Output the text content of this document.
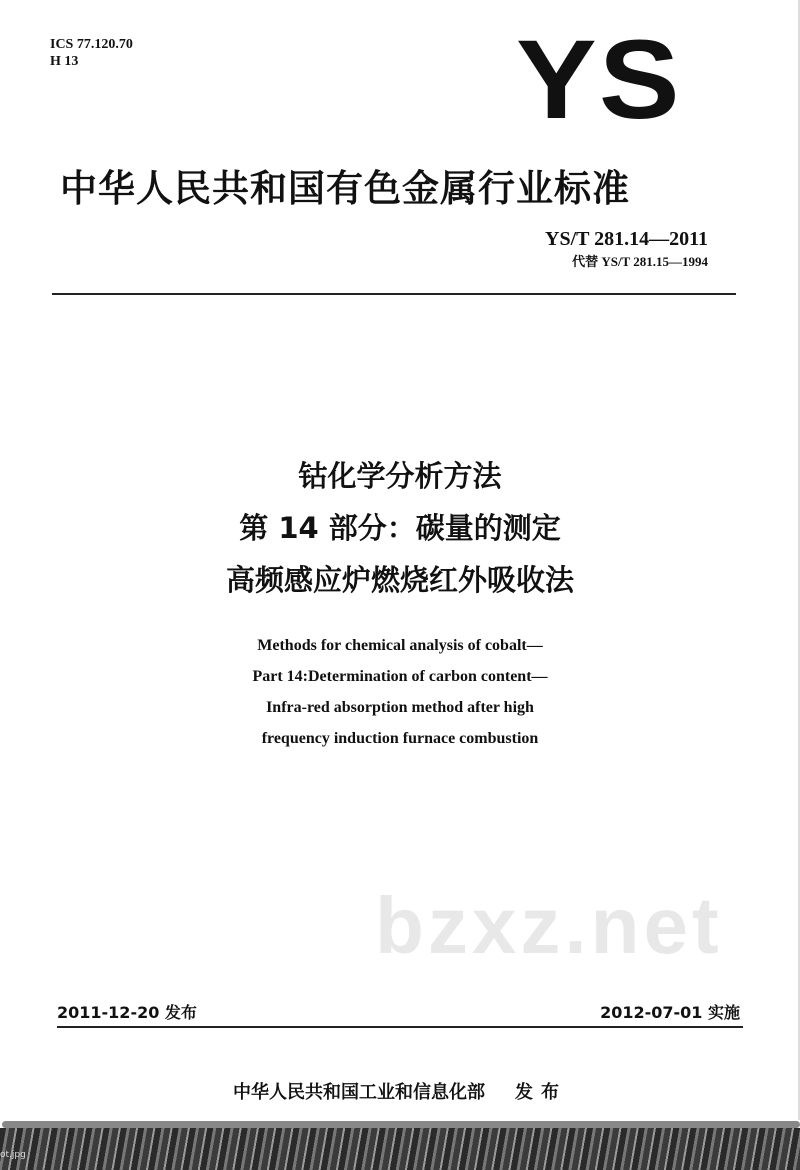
ICS 77.120.70
H 13	YS
中华人民共和国有色金属行业标准
YS/T 281.14—2011
代替 YS/T 281.15—1994
钴化学分析方法
第 14 部分：碳量的测定
高频感应炉燃烧红外吸收法
Methods for chemical analysis of cobalt—
Part 14:Determination of carbon content—
Infra-red absorption method after high
frequency induction furnace combustion
bzxz.net
2011-12-20 发布	2012-07-01 实施
中华人民共和国工业和信息化部 发布
ot.jpg
